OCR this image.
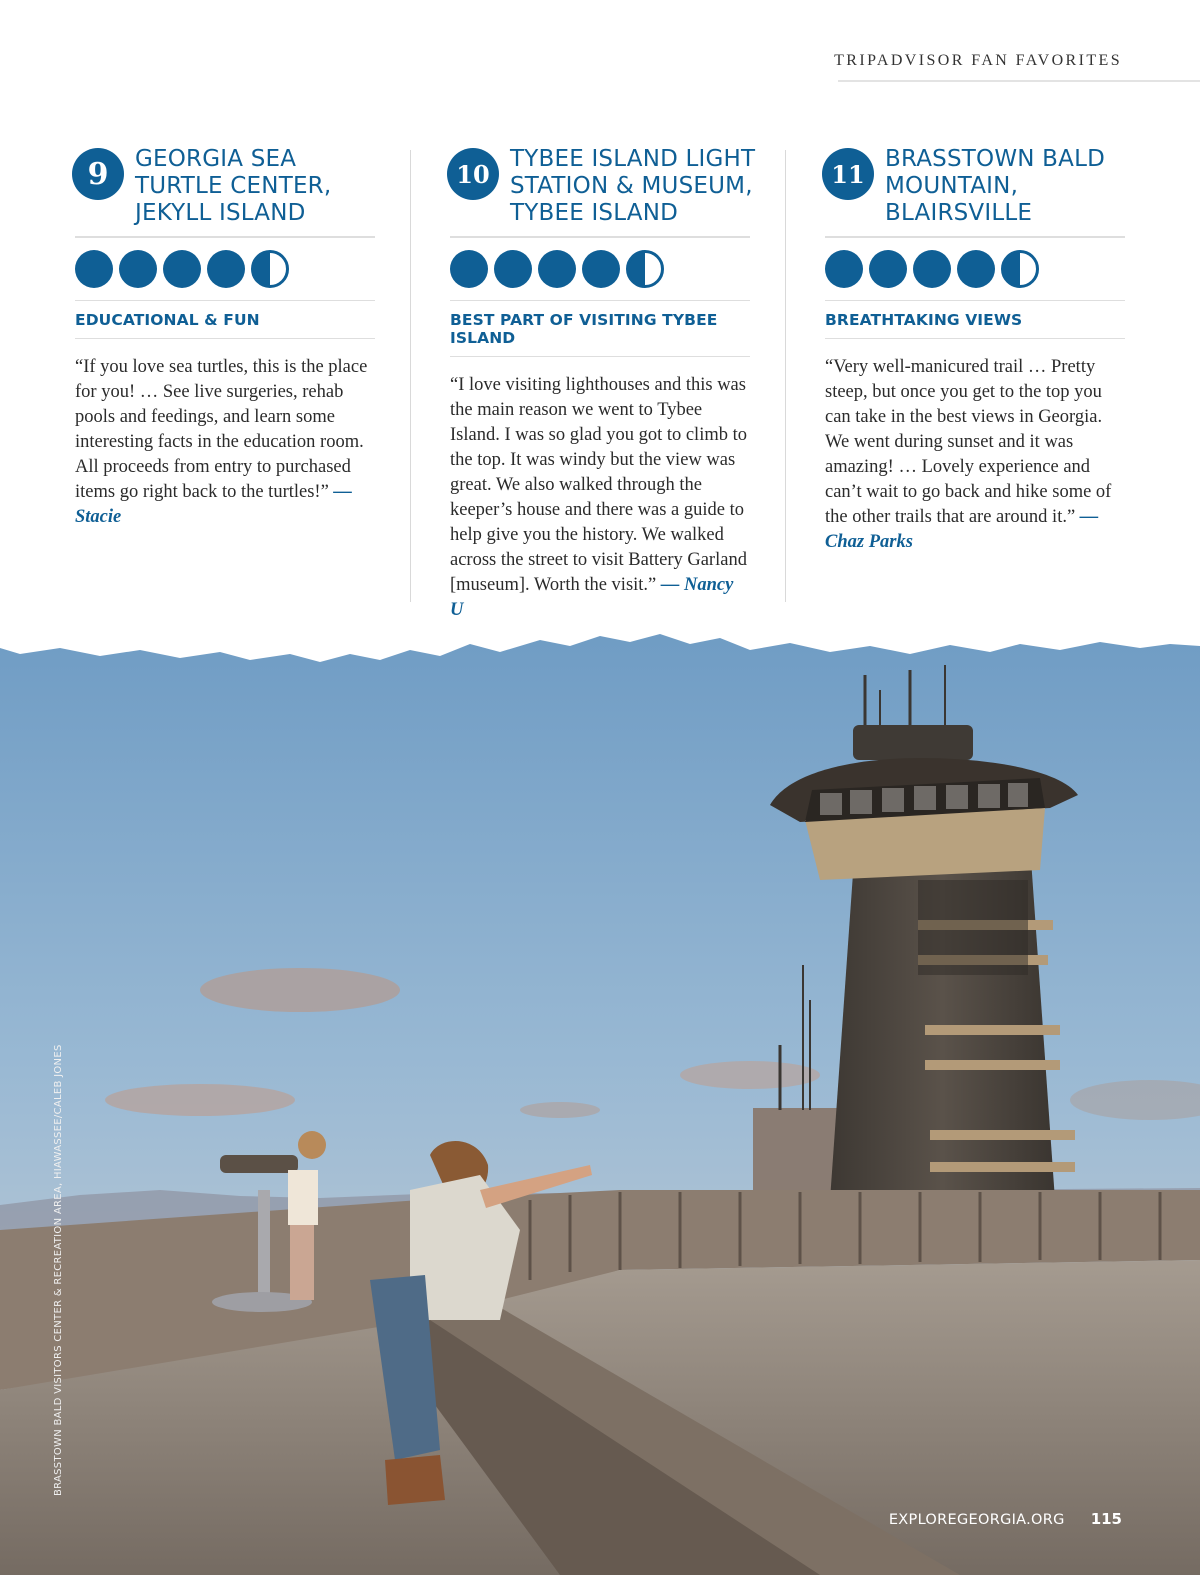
TRIPADVISOR FAN FAVORITES
9	GEORGIA SEA TURTLE CENTER, JEKYLL ISLAND
EDUCATIONAL & FUN

“If you love sea turtles, this is the place for you! … See live surgeries, rehab pools and feedings, and learn some interesting facts in the education room. All proceeds from entry to purchased items go right back to the turtles!” — Stacie

10
TYBEE ISLAND LIGHT STATION & MUSEUM, TYBEE ISLAND
BEST PART OF VISITING TYBEE ISLAND

“I love visiting lighthouses and this was the main reason we went to Tybee Island. I was so glad you got to climb to the top. It was windy but the view was great. We also walked through the keeper’s house and there was a guide to help give you the history. We walked across the street to visit Battery Garland [museum]. Worth the visit.” — Nancy U

11
BRASSTOWN BALD MOUNTAIN, BLAIRSVILLE
BREATHTAKING VIEWS

“Very well-manicured trail … Pretty steep, but once you get to the top you can take in the best views in Georgia. We went during sunset and it was amazing! … Lovely experience and can’t wait to go back and hike some of the other trails that are around it.” — Chaz Parks

BRASSTOWN BALD VISITORS CENTER & RECREATION AREA, HIAWASSEE/CALEB JONES
EXPLOREGEORGIA.ORG 115
